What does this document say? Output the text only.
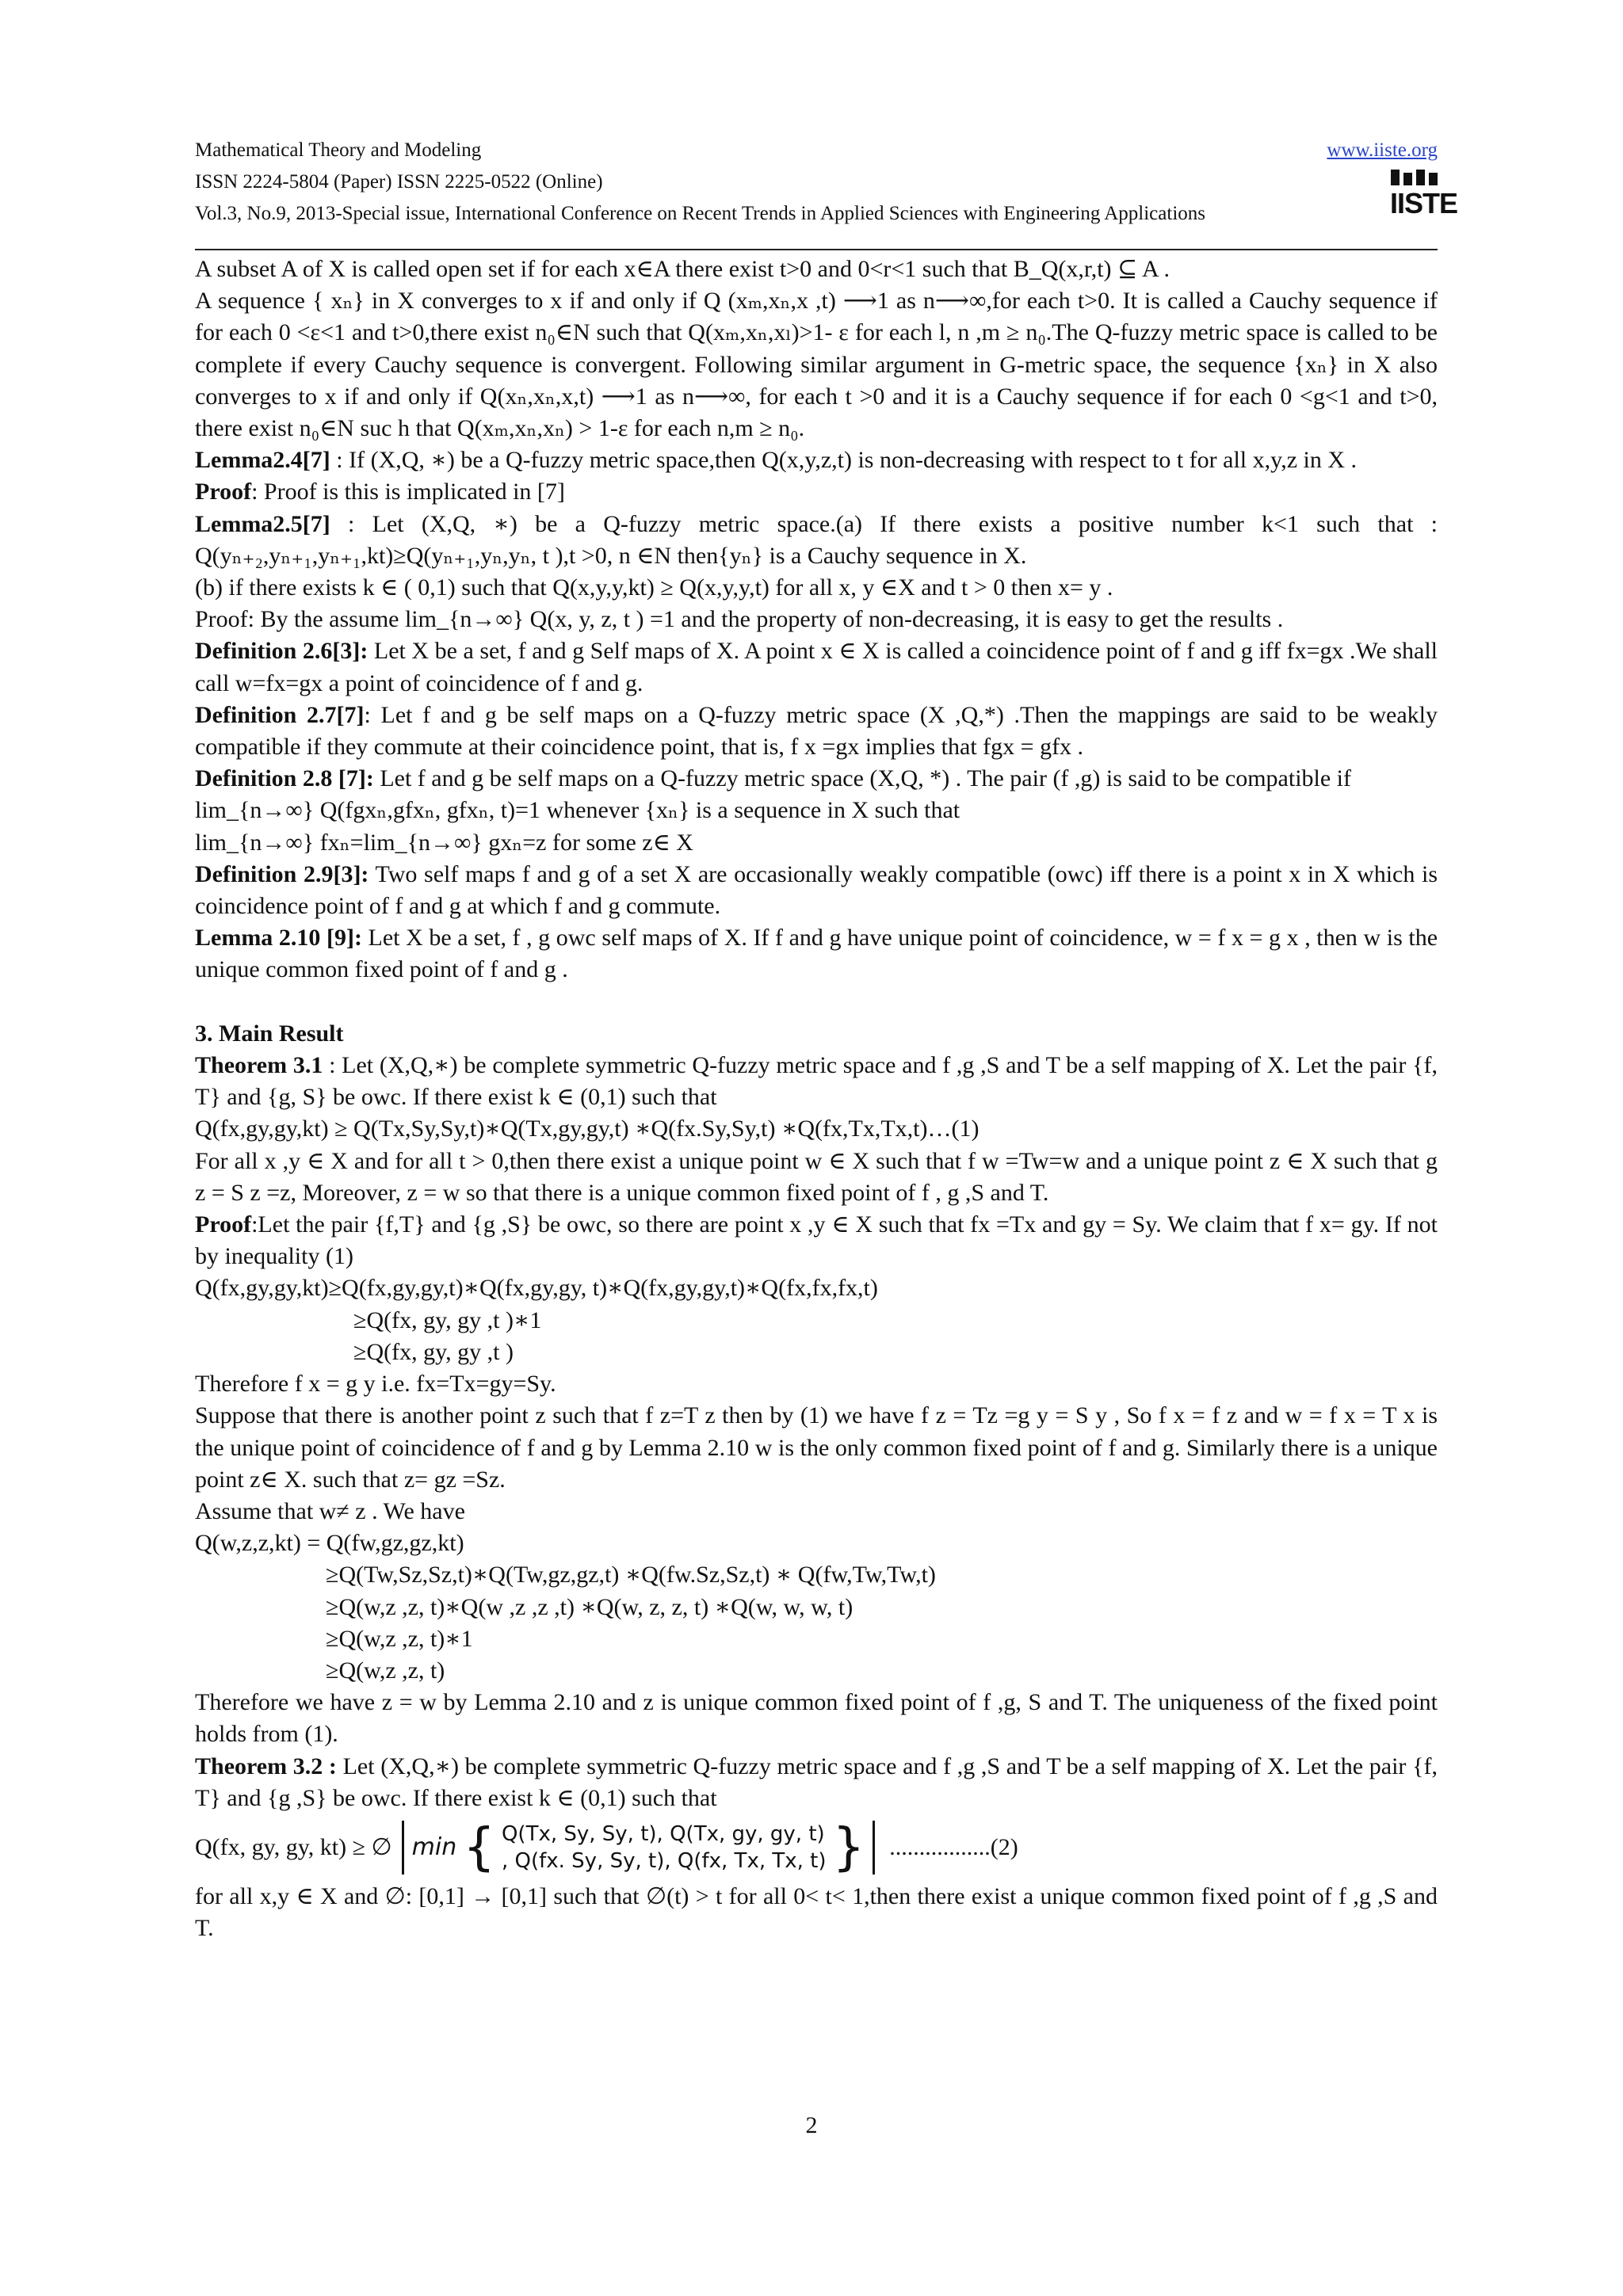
Mathematical Theory and Modeling	www.iiste.org
ISSN 2224-5804 (Paper) ISSN 2225-0522 (Online)
Vol.3, No.9, 2013-Special issue, International Conference on Recent Trends in Applied Sciences with Engineering Applications	IISTE

A subset A of X is called open set if for each x∈A there exist t>0 and 0<r<1 such that B_Q(x,r,t) ⊆ A .

A sequence { xₙ} in X converges to x if and only if Q (xₘ,xₙ,x ,t) ⟶1 as n⟶∞,for each t>0. It is called a Cauchy sequence if for each 0 <ε<1 and t>0,there exist n₀∈N such that Q(xₘ,xₙ,xₗ)>1- ε for each l, n ,m ≥ n₀.The Q-fuzzy metric space is called to be complete if every Cauchy sequence is convergent. Following similar argument in G-metric space, the sequence {xₙ} in X also converges to x if and only if Q(xₙ,xₙ,x,t) ⟶1 as n⟶∞, for each t >0 and it is a Cauchy sequence if for each 0 <g<1 and t>0, there exist n₀∈N suc h that Q(xₘ,xₙ,xₙ) > 1-ε for each n,m ≥ n₀.

Lemma2.4[7] : If (X,Q, ∗) be a Q-fuzzy metric space,then Q(x,y,z,t) is non-decreasing with respect to t for all x,y,z in X .

Proof: Proof is this is implicated in [7]

Lemma2.5[7] : Let (X,Q, ∗) be a Q-fuzzy metric space.(a) If there exists a positive number k<1 such that : Q(yₙ₊₂,yₙ₊₁,yₙ₊₁,kt)≥Q(yₙ₊₁,yₙ,yₙ, t ),t >0, n ∈N then{yₙ} is a Cauchy sequence in X.

(b) if there exists k ∈ ( 0,1) such that Q(x,y,y,kt) ≥ Q(x,y,y,t) for all x, y ∈X and t > 0 then x= y .

Proof: By the assume lim_{n→∞} Q(x, y, z, t ) =1 and the property of non-decreasing, it is easy to get the results .

Definition 2.6[3]: Let X be a set, f and g Self maps of X. A point x ∈ X is called a coincidence point of f and g iff fx=gx .We shall call w=fx=gx a point of coincidence of f and g.

Definition 2.7[7]: Let f and g be self maps on a Q-fuzzy metric space (X ,Q,*) .Then the mappings are said to be weakly compatible if they commute at their coincidence point, that is, f x =gx implies that fgx = gfx .

Definition 2.8 [7]: Let f and g be self maps on a Q-fuzzy metric space (X,Q, *) . The pair (f ,g) is said to be compatible if

lim_{n→∞} Q(fgxₙ,gfxₙ, gfxₙ, t)=1 whenever {xₙ} is a sequence in X such that

lim_{n→∞} fxₙ=lim_{n→∞} gxₙ=z for some z∈ X

Definition 2.9[3]: Two self maps f and g of a set X are occasionally weakly compatible (owc) iff there is a point x in X which is coincidence point of f and g at which f and g commute.

Lemma 2.10 [9]: Let X be a set, f , g owc self maps of X. If f and g have unique point of coincidence, w = f x = g x , then w is the unique common fixed point of f and g .

3. Main Result

Theorem 3.1 : Let (X,Q,∗) be complete symmetric Q-fuzzy metric space and f ,g ,S and T be a self mapping of X. Let the pair {f, T} and {g, S} be owc. If there exist k ∈ (0,1) such that

Q(fx,gy,gy,kt) ≥ Q(Tx,Sy,Sy,t)∗Q(Tx,gy,gy,t) ∗Q(fx.Sy,Sy,t) ∗Q(fx,Tx,Tx,t)…(1)

For all x ,y ∈ X and for all t > 0,then there exist a unique point w ∈ X such that f w =Tw=w and a unique point z ∈ X such that g z = S z =z, Moreover, z = w so that there is a unique common fixed point of f , g ,S and T.

Proof:Let the pair {f,T} and {g ,S} be owc, so there are point x ,y ∈ X such that fx =Tx and gy = Sy. We claim that f x= gy. If not by inequality (1)

Q(fx,gy,gy,kt)≥Q(fx,gy,gy,t)∗Q(fx,gy,gy, t)∗Q(fx,gy,gy,t)∗Q(fx,fx,fx,t)

≥Q(fx, gy, gy ,t )∗1

≥Q(fx, gy, gy ,t )

Therefore f x = g y i.e. fx=Tx=gy=Sy.

Suppose that there is another point z such that f z=T z then by (1) we have f z = Tz =g y = S y , So f x = f z and w = f x = T x is the unique point of coincidence of f and g by Lemma 2.10 w is the only common fixed point of f and g. Similarly there is a unique point z∈ X. such that z= gz =Sz.

Assume that w≠ z . We have

Q(w,z,z,kt) = Q(fw,gz,gz,kt)

≥Q(Tw,Sz,Sz,t)∗Q(Tw,gz,gz,t) ∗Q(fw.Sz,Sz,t) ∗ Q(fw,Tw,Tw,t)

≥Q(w,z ,z, t)∗Q(w ,z ,z ,t) ∗Q(w, z, z, t) ∗Q(w, w, w, t)

≥Q(w,z ,z, t)∗1

≥Q(w,z ,z, t)

Therefore we have z = w by Lemma 2.10 and z is unique common fixed point of f ,g, S and T. The uniqueness of the fixed point holds from (1).

Theorem 3.2 : Let (X,Q,∗) be complete symmetric Q-fuzzy metric space and f ,g ,S and T be a self mapping of X. Let the pair {f, T} and {g ,S} be owc. If there exist k ∈ (0,1) such that

Q(fx, gy, gy, kt) ≥ ∅ min { Q(Tx, Sy, Sy, t), Q(Tx, gy, gy, t)
, Q(fx. Sy, Sy, t), Q(fx, Tx, Tx, t) } .................(2)

for all x,y ∈ X and ∅: [0,1] → [0,1] such that ∅(t) > t for all 0< t< 1,then there exist a unique common fixed point of f ,g ,S and T.

2
